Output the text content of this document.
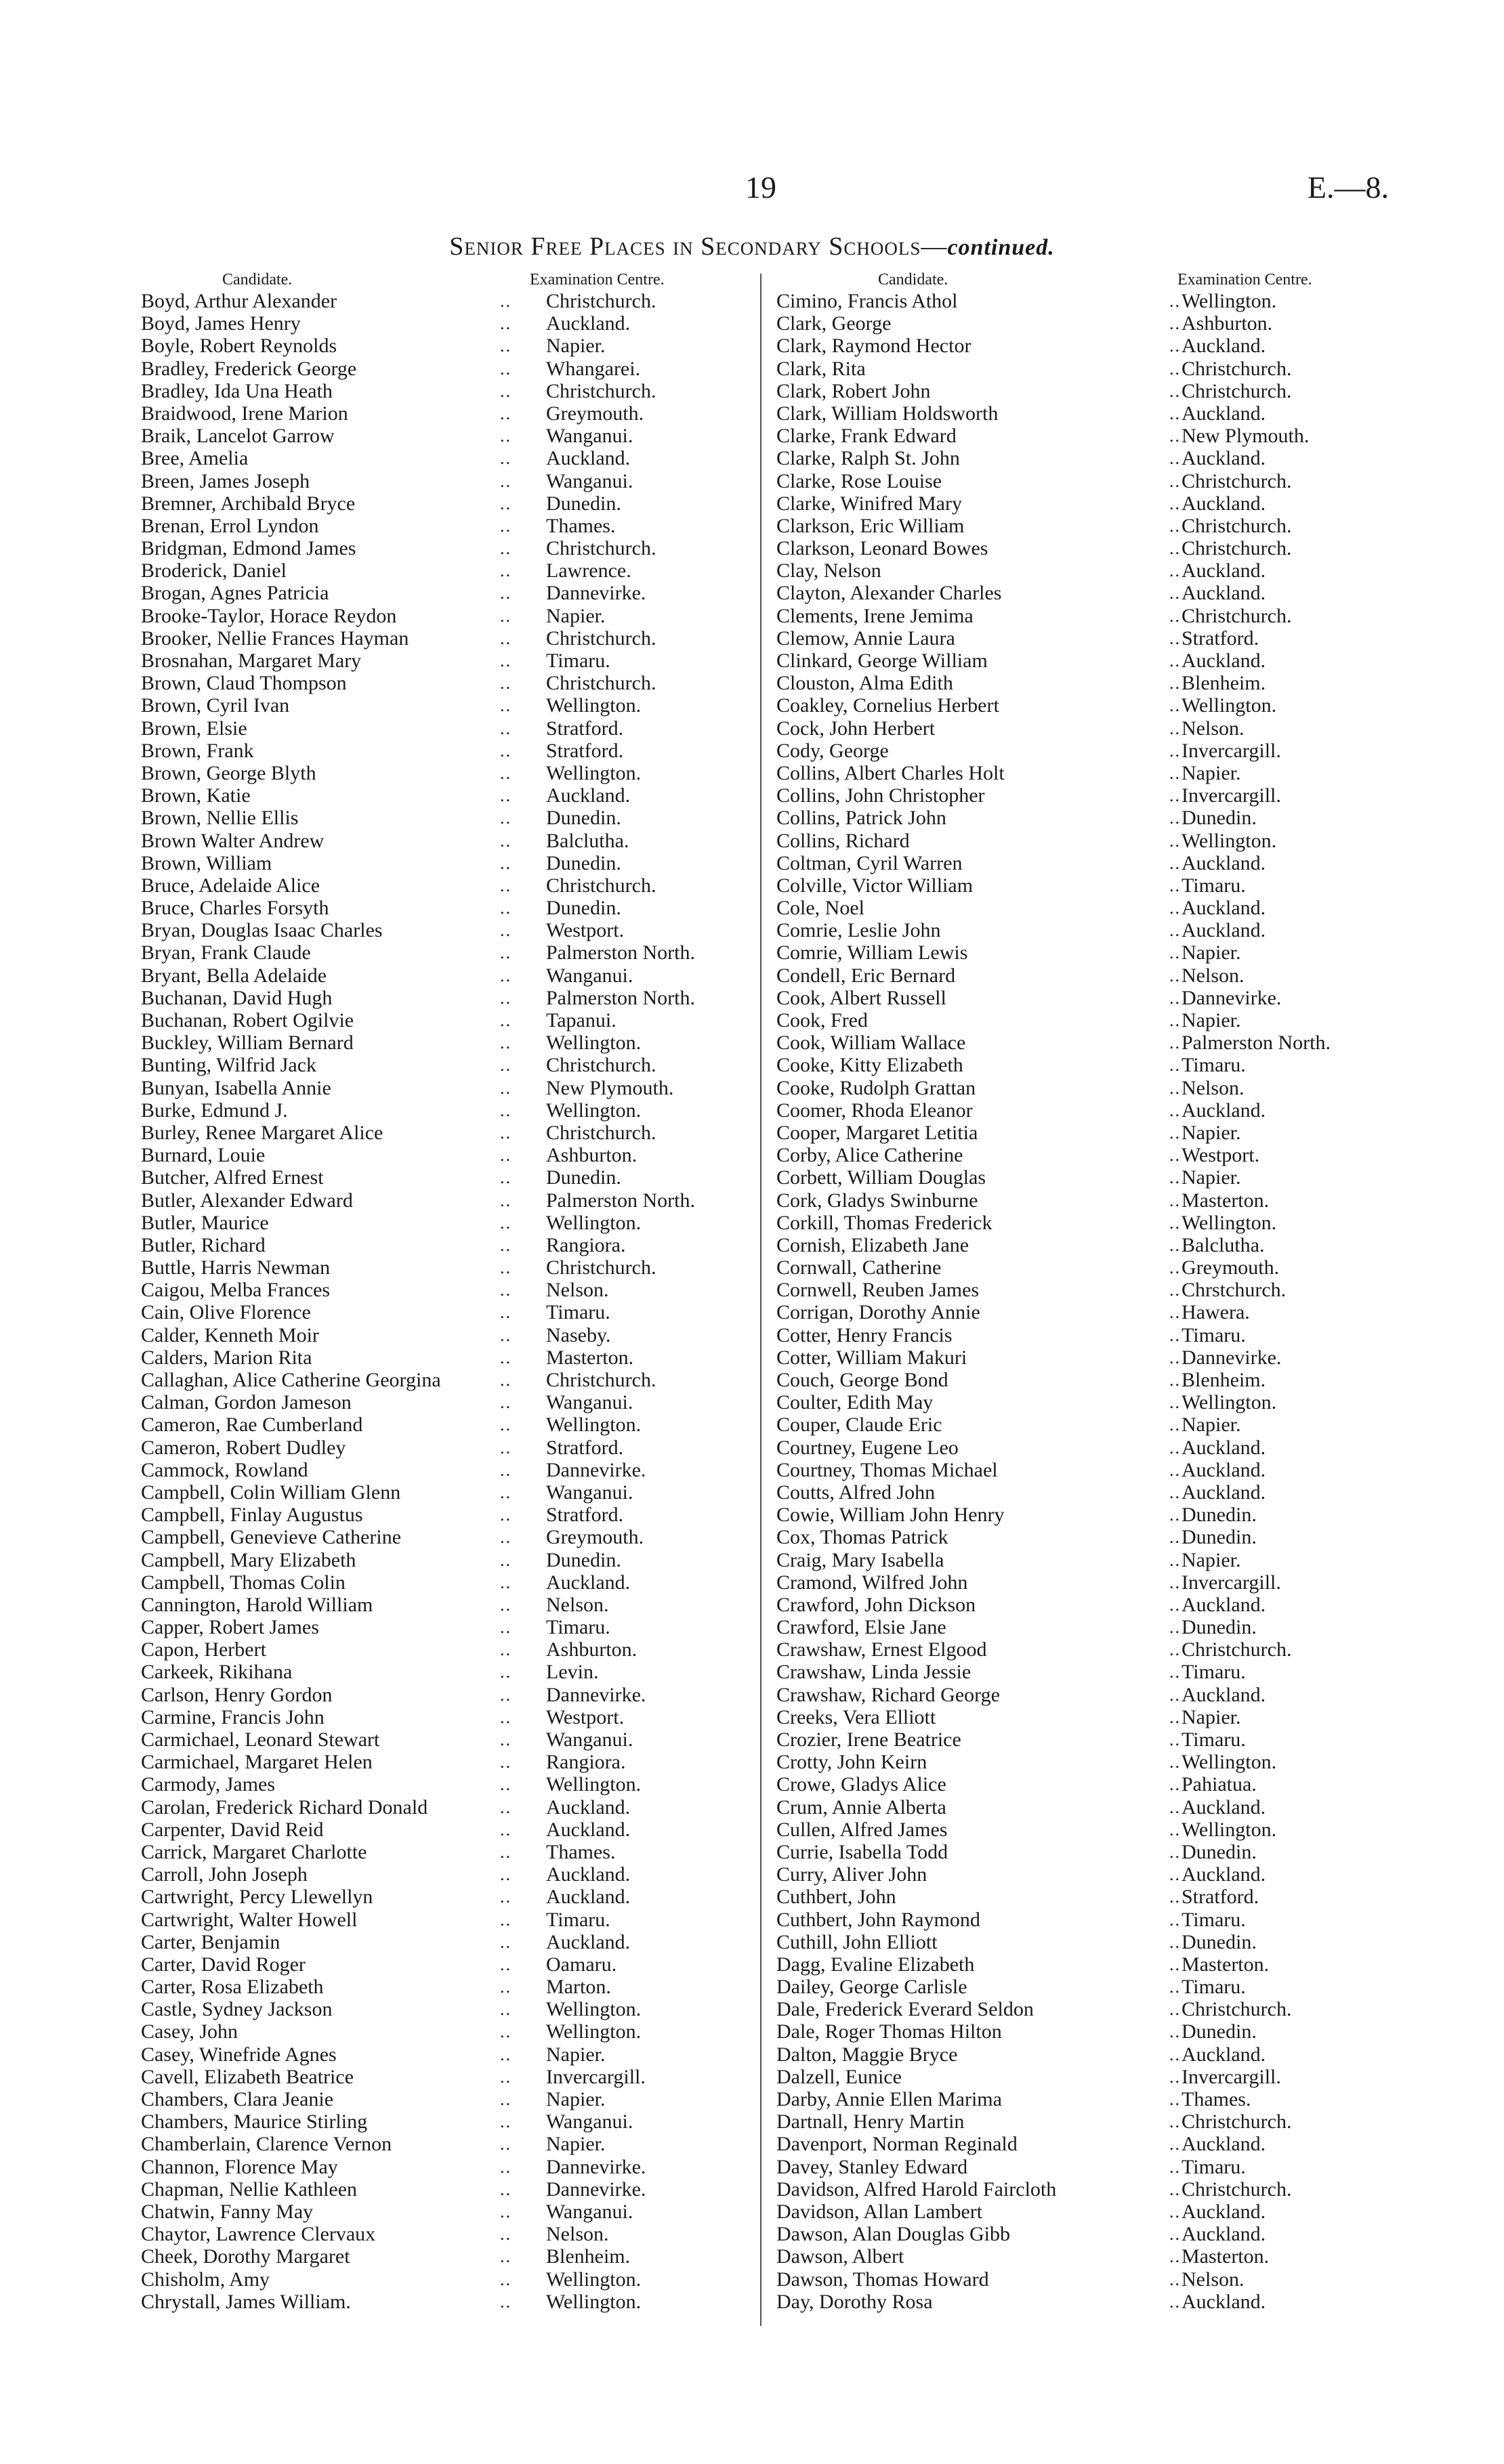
19	E.—8.
Senior Free Places in Secondary Schools—continued.
Candidate.	Examination Centre.
Boyd, Arthur Alexander	.. Christchurch.
Boyd, James Henry	.. Auckland.
Boyle, Robert Reynolds	.. Napier.
Bradley, Frederick George	.. Whangarei.
Bradley, Ida Una Heath	.. Christchurch.
Braidwood, Irene Marion	.. Greymouth.
Braik, Lancelot Garrow	.. Wanganui.
Bree, Amelia	.. Auckland.
Breen, James Joseph	.. Wanganui.
Bremner, Archibald Bryce	.. Dunedin.
Brenan, Errol Lyndon	.. Thames.
Bridgman, Edmond James	.. Christchurch.
Broderick, Daniel	.. Lawrence.
Brogan, Agnes Patricia	.. Dannevirke.
Brooke-Taylor, Horace Reydon	.. Napier.
Brooker, Nellie Frances Hayman	.. Christchurch.
Brosnahan, Margaret Mary	.. Timaru.
Brown, Claud Thompson	.. Christchurch.
Brown, Cyril Ivan	.. Wellington.
Brown, Elsie	.. Stratford.
Brown, Frank	.. Stratford.
Brown, George Blyth	.. Wellington.
Brown, Katie	.. Auckland.
Brown, Nellie Ellis	.. Dunedin.
Brown Walter Andrew	.. Balclutha.
Brown, William	.. Dunedin.
Bruce, Adelaide Alice	.. Christchurch.
Bruce, Charles Forsyth	.. Dunedin.
Bryan, Douglas Isaac Charles	.. Westport.
Bryan, Frank Claude	.. Palmerston North.
Bryant, Bella Adelaide	.. Wanganui.
Buchanan, David Hugh	.. Palmerston North.
Buchanan, Robert Ogilvie	.. Tapanui.
Buckley, William Bernard	.. Wellington.
Bunting, Wilfrid Jack	.. Christchurch.
Bunyan, Isabella Annie	.. New Plymouth.
Burke, Edmund J.	.. Wellington.
Burley, Renee Margaret Alice	.. Christchurch.
Burnard, Louie	.. Ashburton.
Butcher, Alfred Ernest	.. Dunedin.
Butler, Alexander Edward	.. Palmerston North.
Butler, Maurice	.. Wellington.
Butler, Richard	.. Rangiora.
Buttle, Harris Newman	.. Christchurch.
Caigou, Melba Frances	.. Nelson.
Cain, Olive Florence	.. Timaru.
Calder, Kenneth Moir	.. Naseby.
Calders, Marion Rita	.. Masterton.
Callaghan, Alice Catherine Georgina	.. Christchurch.
Calman, Gordon Jameson	.. Wanganui.
Cameron, Rae Cumberland	.. Wellington.
Cameron, Robert Dudley	.. Stratford.
Cammock, Rowland	.. Dannevirke.
Campbell, Colin William Glenn	.. Wanganui.
Campbell, Finlay Augustus	.. Stratford.
Campbell, Genevieve Catherine	.. Greymouth.
Campbell, Mary Elizabeth	.. Dunedin.
Campbell, Thomas Colin	.. Auckland.
Cannington, Harold William	.. Nelson.
Capper, Robert James	.. Timaru.
Capon, Herbert	.. Ashburton.
Carkeek, Rikihana	.. Levin.
Carlson, Henry Gordon	.. Dannevirke.
Carmine, Francis John	.. Westport.
Carmichael, Leonard Stewart	.. Wanganui.
Carmichael, Margaret Helen	.. Rangiora.
Carmody, James	.. Wellington.
Carolan, Frederick Richard Donald	.. Auckland.
Carpenter, David Reid	.. Auckland.
Carrick, Margaret Charlotte	.. Thames.
Carroll, John Joseph	.. Auckland.
Cartwright, Percy Llewellyn	.. Auckland.
Cartwright, Walter Howell	.. Timaru.
Carter, Benjamin	.. Auckland.
Carter, David Roger	.. Oamaru.
Carter, Rosa Elizabeth	.. Marton.
Castle, Sydney Jackson	.. Wellington.
Casey, John	.. Wellington.
Casey, Winefride Agnes	.. Napier.
Cavell, Elizabeth Beatrice	.. Invercargill.
Chambers, Clara Jeanie	.. Napier.
Chambers, Maurice Stirling	.. Wanganui.
Chamberlain, Clarence Vernon	.. Napier.
Channon, Florence May	.. Dannevirke.
Chapman, Nellie Kathleen	.. Dannevirke.
Chatwin, Fanny May	.. Wanganui.
Chaytor, Lawrence Clervaux	.. Nelson.
Cheek, Dorothy Margaret	.. Blenheim.
Chisholm, Amy	.. Wellington.
Chrystall, James William.	.. Wellington.
Candidate.	Examination Centre.
Cimino, Francis Athol	.. Wellington.
Clark, George	.. Ashburton.
Clark, Raymond Hector	.. Auckland.
Clark, Rita	.. Christchurch.
Clark, Robert John	.. Christchurch.
Clark, William Holdsworth	.. Auckland.
Clarke, Frank Edward	.. New Plymouth.
Clarke, Ralph St. John	.. Auckland.
Clarke, Rose Louise	.. Christchurch.
Clarke, Winifred Mary	.. Auckland.
Clarkson, Eric William	.. Christchurch.
Clarkson, Leonard Bowes	.. Christchurch.
Clay, Nelson	.. Auckland.
Clayton, Alexander Charles	.. Auckland.
Clements, Irene Jemima	.. Christchurch.
Clemow, Annie Laura	.. Stratford.
Clinkard, George William	.. Auckland.
Clouston, Alma Edith	.. Blenheim.
Coakley, Cornelius Herbert	.. Wellington.
Cock, John Herbert	.. Nelson.
Cody, George	.. Invercargill.
Collins, Albert Charles Holt	.. Napier.
Collins, John Christopher	.. Invercargill.
Collins, Patrick John	.. Dunedin.
Collins, Richard	.. Wellington.
Coltman, Cyril Warren	.. Auckland.
Colville, Victor William	.. Timaru.
Cole, Noel	.. Auckland.
Comrie, Leslie John	.. Auckland.
Comrie, William Lewis	.. Napier.
Condell, Eric Bernard	.. Nelson.
Cook, Albert Russell	.. Dannevirke.
Cook, Fred	.. Napier.
Cook, William Wallace	.. Palmerston North.
Cooke, Kitty Elizabeth	.. Timaru.
Cooke, Rudolph Grattan	.. Nelson.
Coomer, Rhoda Eleanor	.. Auckland.
Cooper, Margaret Letitia	.. Napier.
Corby, Alice Catherine	.. Westport.
Corbett, William Douglas	.. Napier.
Cork, Gladys Swinburne	.. Masterton.
Corkill, Thomas Frederick	.. Wellington.
Cornish, Elizabeth Jane	.. Balclutha.
Cornwall, Catherine	.. Greymouth.
Cornwell, Reuben James	.. Chrstchurch.
Corrigan, Dorothy Annie	.. Hawera.
Cotter, Henry Francis	.. Timaru.
Cotter, William Makuri	.. Dannevirke.
Couch, George Bond	.. Blenheim.
Coulter, Edith May	.. Wellington.
Couper, Claude Eric	.. Napier.
Courtney, Eugene Leo	.. Auckland.
Courtney, Thomas Michael	.. Auckland.
Coutts, Alfred John	.. Auckland.
Cowie, William John Henry	.. Dunedin.
Cox, Thomas Patrick	.. Dunedin.
Craig, Mary Isabella	.. Napier.
Cramond, Wilfred John	.. Invercargill.
Crawford, John Dickson	.. Auckland.
Crawford, Elsie Jane	.. Dunedin.
Crawshaw, Ernest Elgood	.. Christchurch.
Crawshaw, Linda Jessie	.. Timaru.
Crawshaw, Richard George	.. Auckland.
Creeks, Vera Elliott	.. Napier.
Crozier, Irene Beatrice	.. Timaru.
Crotty, John Keirn	.. Wellington.
Crowe, Gladys Alice	.. Pahiatua.
Crum, Annie Alberta	.. Auckland.
Cullen, Alfred James	.. Wellington.
Currie, Isabella Todd	.. Dunedin.
Curry, Aliver John	.. Auckland.
Cuthbert, John	.. Stratford.
Cuthbert, John Raymond	.. Timaru.
Cuthill, John Elliott	.. Dunedin.
Dagg, Evaline Elizabeth	.. Masterton.
Dailey, George Carlisle	.. Timaru.
Dale, Frederick Everard Seldon	.. Christchurch.
Dale, Roger Thomas Hilton	.. Dunedin.
Dalton, Maggie Bryce	.. Auckland.
Dalzell, Eunice	.. Invercargill.
Darby, Annie Ellen Marima	.. Thames.
Dartnall, Henry Martin	.. Christchurch.
Davenport, Norman Reginald	.. Auckland.
Davey, Stanley Edward	.. Timaru.
Davidson, Alfred Harold Faircloth	.. Christchurch.
Davidson, Allan Lambert	.. Auckland.
Dawson, Alan Douglas Gibb	.. Auckland.
Dawson, Albert	.. Masterton.
Dawson, Thomas Howard	.. Nelson.
Day, Dorothy Rosa	.. Auckland.
